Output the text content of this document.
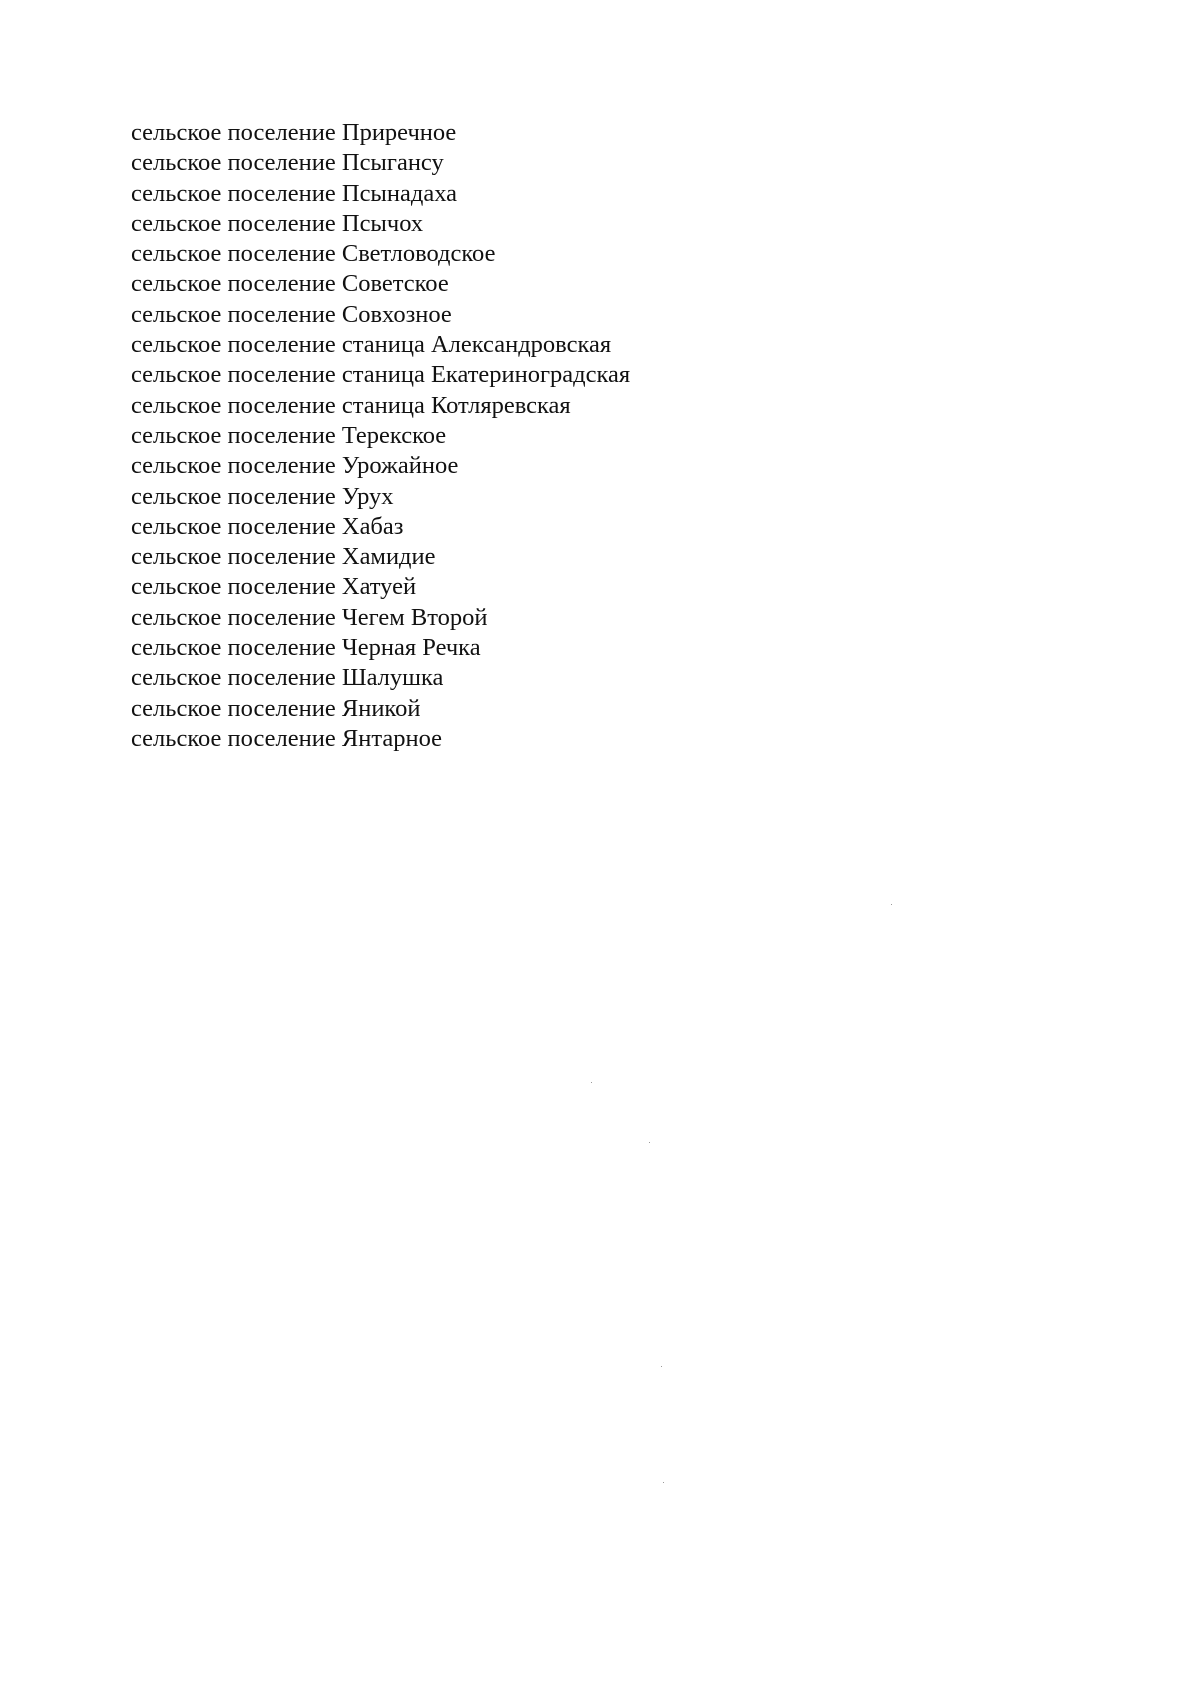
сельское поселение Приречное
сельское поселение Псыгансу
сельское поселение Псынадаха
сельское поселение Псычох
сельское поселение Светловодское
сельское поселение Советское
сельское поселение Совхозное
сельское поселение станица Александровская
сельское поселение станица Екатериноградская
сельское поселение станица Котляревская
сельское поселение Терекское
сельское поселение Урожайное
сельское поселение Урух
сельское поселение Хабаз
сельское поселение Хамидие
сельское поселение Хатуей
сельское поселение Чегем Второй
сельское поселение Черная Речка
сельское поселение Шалушка
сельское поселение Яникой
сельское поселение Янтарное
